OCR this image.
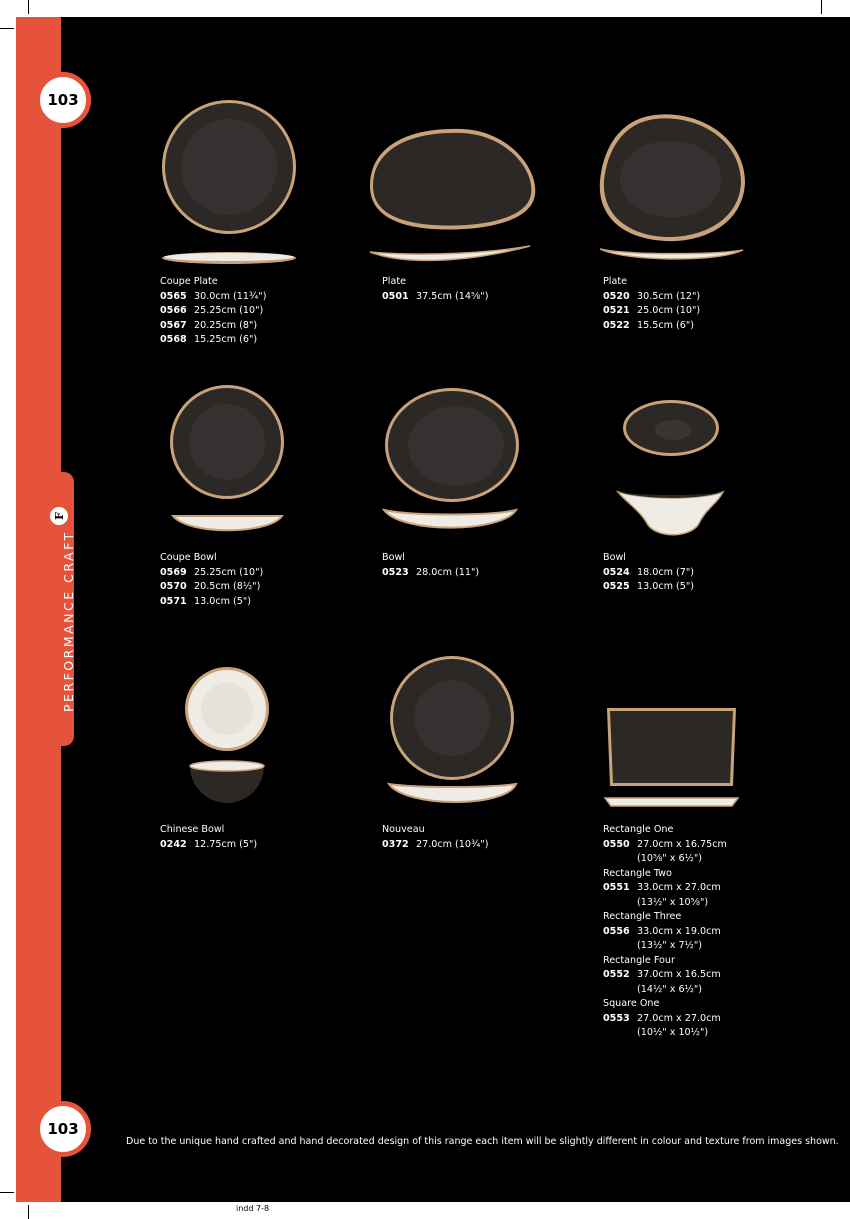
103
103
PERFORMANCE CRAFT
F
Coupe Plate
0565 30.0cm (11¾")
0566 25.25cm (10")
0567 20.25cm (8")
0568 15.25cm (6")
Plate
0501 37.5cm (14⅝")
Plate
0520 30.5cm (12")
0521 25.0cm (10")
0522 15.5cm (6")
Coupe Bowl
0569 25.25cm (10")
0570 20.5cm (8½")
0571 13.0cm (5")
Bowl
0523 28.0cm (11")
Bowl
0524 18.0cm (7")
0525 13.0cm (5")
Chinese Bowl
0242 12.75cm (5")
Nouveau
0372 27.0cm (10¾")
Rectangle One
0550 27.0cm x 16.75cm
(10⅝" x 6½")
Rectangle Two
0551 33.0cm x 27.0cm
(13½" x 10⅝")
Rectangle Three
0556 33.0cm x 19.0cm
(13½" x 7½")
Rectangle Four
0552 37.0cm x 16.5cm
(14½" x 6½")
Square One
0553 27.0cm x 27.0cm
(10½" x 10½")
Due to the unique hand crafted and hand decorated design of this range each item will be slightly different in colour and texture from images shown.
indd 7-8
